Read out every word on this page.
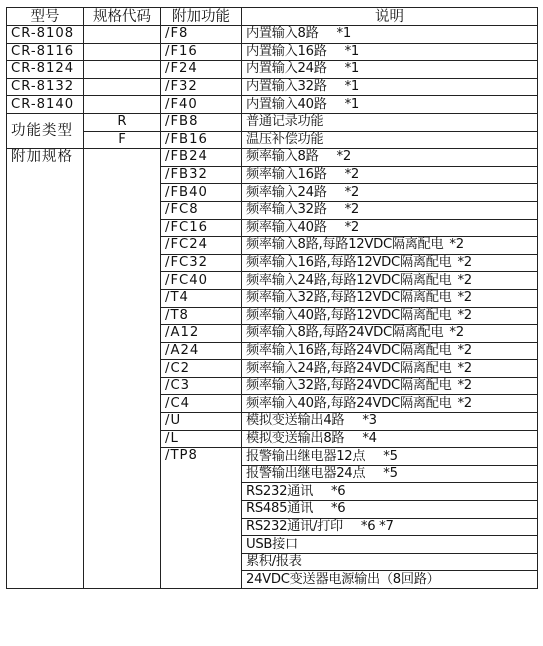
型号	规格代码	附加功能	说明
CR-8108		/F8	内置输入8路 *1
CR-8116		/F16	内置输入16路 *1
CR-8124		/F24	内置输入24路 *1
CR-8132		/F32	内置输入32路 *1
CR-8140		/F40	内置输入40路 *1
功能类型	R	/FB8	普通记录功能
	F	/FB16	温压补偿功能
附加规格		/FB24	频率输入8路 *2
		/FB32	频率输入16路 *2
		/FB40	频率输入24路 *2
		/FC8	频率输入32路 *2
		/FC16	频率输入40路 *2
		/FC24	频率输入8路,每路12VDC隔离配电 *2
		/FC32	频率输入16路,每路12VDC隔离配电 *2
		/FC40	频率输入24路,每路12VDC隔离配电 *2
		/T4	频率输入32路,每路12VDC隔离配电 *2
		/T8	频率输入40路,每路12VDC隔离配电 *2
		/A12	频率输入8路,每路24VDC隔离配电 *2
		/A24	频率输入16路,每路24VDC隔离配电 *2
		/C2	频率输入24路,每路24VDC隔离配电 *2
		/C3	频率输入32路,每路24VDC隔离配电 *2
		/C4	频率输入40路,每路24VDC隔离配电 *2
		/U	模拟变送输出4路 *3
		/L	模拟变送输出8路 *4
		/TP8	报警输出继电器12点 *5
			报警输出继电器24点 *5
			RS232通讯 *6
			RS485通讯 *6
			RS232通讯/打印 *6 *7
			USB接口
			累积/报表
			24VDC变送器电源输出（8回路）
